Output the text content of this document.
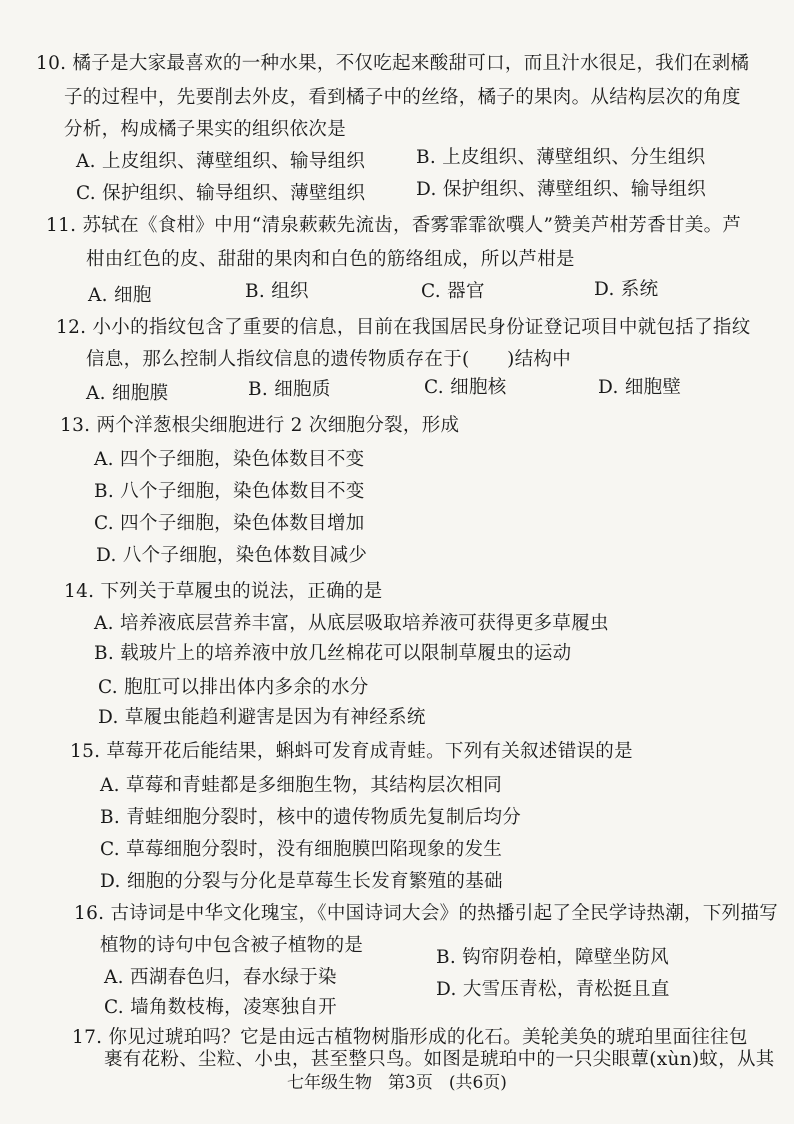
10. 橘子是大家最喜欢的一种水果，不仅吃起来酸甜可口，而且汁水很足，我们在剥橘
子的过程中，先要削去外皮，看到橘子中的丝络，橘子的果肉。从结构层次的角度
分析，构成橘子果实的组织依次是
A. 上皮组织、薄壁组织、输导组织	B. 上皮组织、薄壁组织、分生组织
C. 保护组织、输导组织、薄壁组织	D. 保护组织、薄壁组织、输导组织
11. 苏轼在《食柑》中用“清泉蔌蔌先流齿，香雾霏霏欲噀人”赞美芦柑芳香甘美。芦
柑由红色的皮、甜甜的果肉和白色的筋络组成，所以芦柑是
A. 细胞	B. 组织	C. 器官	D. 系统
12. 小小的指纹包含了重要的信息，目前在我国居民身份证登记项目中就包括了指纹
信息，那么控制人指纹信息的遗传物质存在于(　　)结构中
A. 细胞膜	B. 细胞质	C. 细胞核	D. 细胞壁
13. 两个洋葱根尖细胞进行 2 次细胞分裂，形成
A. 四个子细胞，染色体数目不变
B. 八个子细胞，染色体数目不变
C. 四个子细胞，染色体数目增加
D. 八个子细胞，染色体数目减少
14. 下列关于草履虫的说法，正确的是
A. 培养液底层营养丰富，从底层吸取培养液可获得更多草履虫
B. 载玻片上的培养液中放几丝棉花可以限制草履虫的运动
C. 胞肛可以排出体内多余的水分
D. 草履虫能趋利避害是因为有神经系统
15. 草莓开花后能结果，蝌蚪可发育成青蛙。下列有关叙述错误的是
A. 草莓和青蛙都是多细胞生物，其结构层次相同
B. 青蛙细胞分裂时，核中的遗传物质先复制后均分
C. 草莓细胞分裂时，没有细胞膜凹陷现象的发生
D. 细胞的分裂与分化是草莓生长发育繁殖的基础
16. 古诗词是中华文化瑰宝，《中国诗词大会》的热播引起了全民学诗热潮，下列描写
植物的诗句中包含被子植物的是
A. 西湖春色归，春水绿于染
B. 钩帘阴卷柏，障壁坐防风
C. 墙角数枝梅，凌寒独自开
D. 大雪压青松，青松挺且直
17. 你见过琥珀吗？它是由远古植物树脂形成的化石。美轮美奂的琥珀里面往往包
裹有花粉、尘粒、小虫，甚至整只鸟。如图是琥珀中的一只尖眼蕈(xùn)蚊，从其
七年级生物 第3页 (共6页)
